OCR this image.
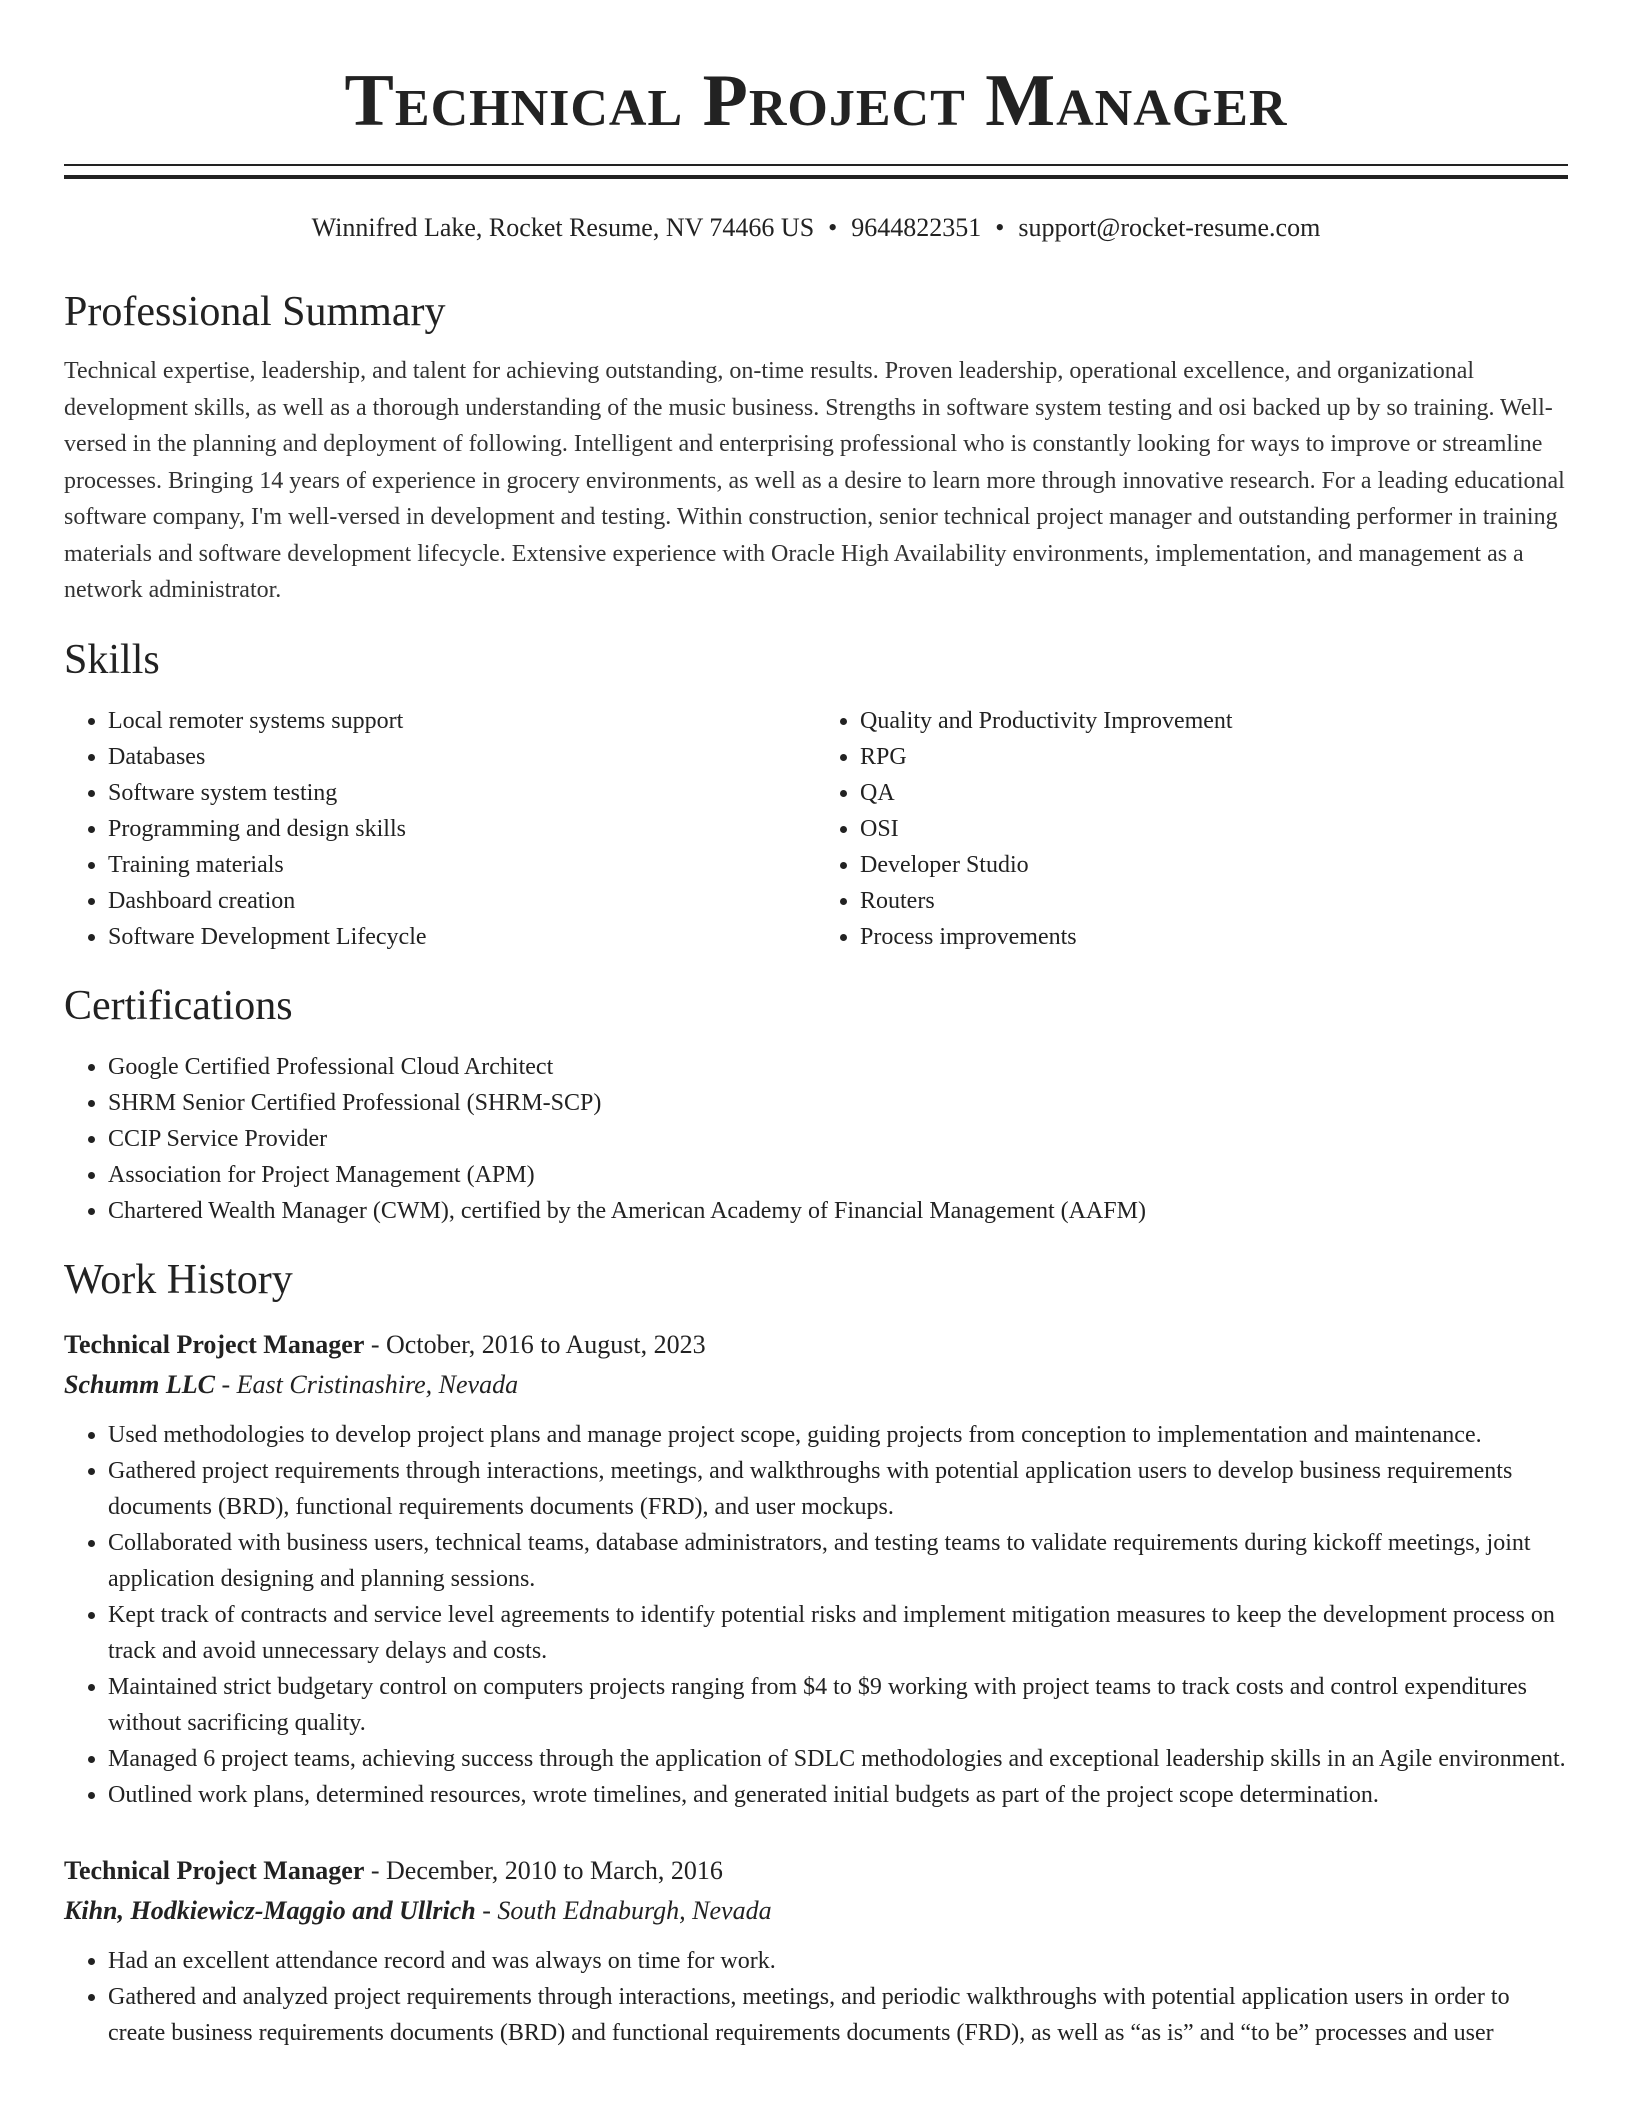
Technical Project Manager
Winnifred Lake, Rocket Resume, NV 74466 US • 9644822351 • support@rocket-resume.com
Professional Summary

Technical expertise, leadership, and talent for achieving outstanding, on-time results. Proven leadership, operational excellence, and organizational development skills, as well as a thorough understanding of the music business. Strengths in software system testing and osi backed up by so training. Well-versed in the planning and deployment of following. Intelligent and enterprising professional who is constantly looking for ways to improve or streamline processes. Bringing 14 years of experience in grocery environments, as well as a desire to learn more through innovative research. For a leading educational software company, I'm well-versed in development and testing. Within construction, senior technical project manager and outstanding performer in training materials and software development lifecycle. Extensive experience with Oracle High Availability environments, implementation, and management as a network administrator.

Skills
• Local remoter systems support
• Databases
• Software system testing
• Programming and design skills
• Training materials
• Dashboard creation
• Software Development Lifecycle
• Quality and Productivity Improvement
• RPG
• QA
• OSI
• Developer Studio
• Routers
• Process improvements
Certifications
• Google Certified Professional Cloud Architect
• SHRM Senior Certified Professional (SHRM-SCP)
• CCIP Service Provider
• Association for Project Management (APM)
• Chartered Wealth Manager (CWM), certified by the American Academy of Financial Management (AAFM)
Work History
Technical Project Manager - October, 2016 to August, 2023
Schumm LLC - East Cristinashire, Nevada
• Used methodologies to develop project plans and manage project scope, guiding projects from conception to implementation and maintenance.
• Gathered project requirements through interactions, meetings, and walkthroughs with potential application users to develop business requirements documents (BRD), functional requirements documents (FRD), and user mockups.
• Collaborated with business users, technical teams, database administrators, and testing teams to validate requirements during kickoff meetings, joint application designing and planning sessions.
• Kept track of contracts and service level agreements to identify potential risks and implement mitigation measures to keep the development process on track and avoid unnecessary delays and costs.
• Maintained strict budgetary control on computers projects ranging from $4 to $9 working with project teams to track costs and control expenditures without sacrificing quality.
• Managed 6 project teams, achieving success through the application of SDLC methodologies and exceptional leadership skills in an Agile environment.
• Outlined work plans, determined resources, wrote timelines, and generated initial budgets as part of the project scope determination.
Technical Project Manager - December, 2010 to March, 2016
Kihn, Hodkiewicz-Maggio and Ullrich - South Ednaburgh, Nevada
• Had an excellent attendance record and was always on time for work.
• Gathered and analyzed project requirements through interactions, meetings, and periodic walkthroughs with potential application users in order to create business requirements documents (BRD) and functional requirements documents (FRD), as well as “as is” and “to be” processes and user
